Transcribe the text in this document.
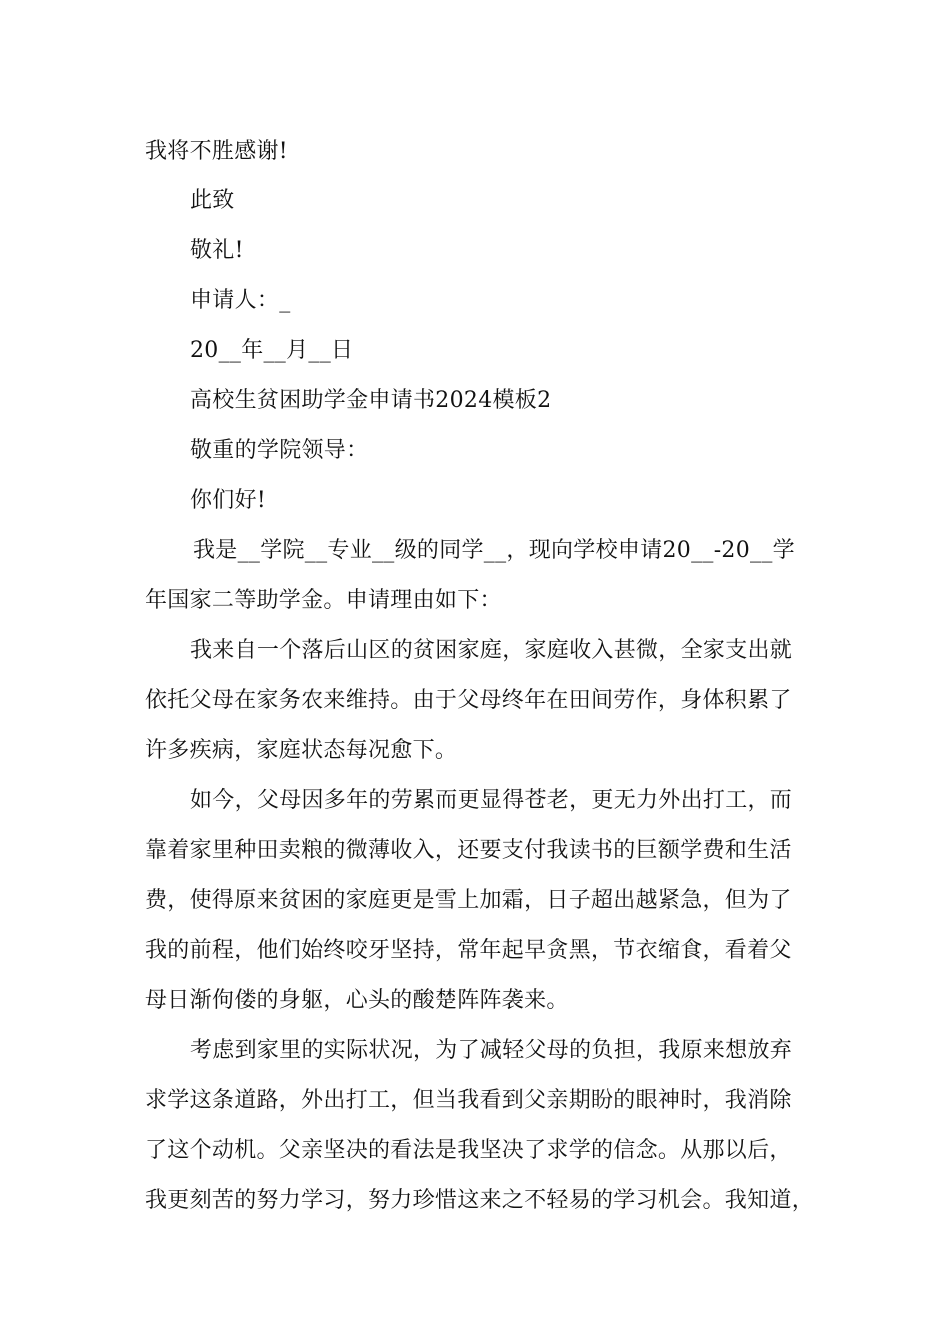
我将不胜感谢!
此致
敬礼!
申请人：_
20__年__月__日
高校生贫困助学金申请书2024模板2
敬重的学院领导：
你们好!
我是__学院__专业__级的同学__，现向学校申请20__-20__学
年国家二等助学金。申请理由如下：
我来自一个落后山区的贫困家庭，家庭收入甚微，全家支出就
依托父母在家务农来维持。由于父母终年在田间劳作，身体积累了
许多疾病，家庭状态每况愈下。
如今，父母因多年的劳累而更显得苍老，更无力外出打工，而
靠着家里种田卖粮的微薄收入，还要支付我读书的巨额学费和生活
费，使得原来贫困的家庭更是雪上加霜，日子超出越紧急，但为了
我的前程，他们始终咬牙坚持，常年起早贪黑，节衣缩食，看着父
母日渐佝偻的身躯，心头的酸楚阵阵袭来。
考虑到家里的实际状况，为了减轻父母的负担，我原来想放弃
求学这条道路，外出打工，但当我看到父亲期盼的眼神时，我消除
了这个动机。父亲坚决的看法是我坚决了求学的信念。从那以后，
我更刻苦的努力学习，努力珍惜这来之不轻易的学习机会。我知道，
